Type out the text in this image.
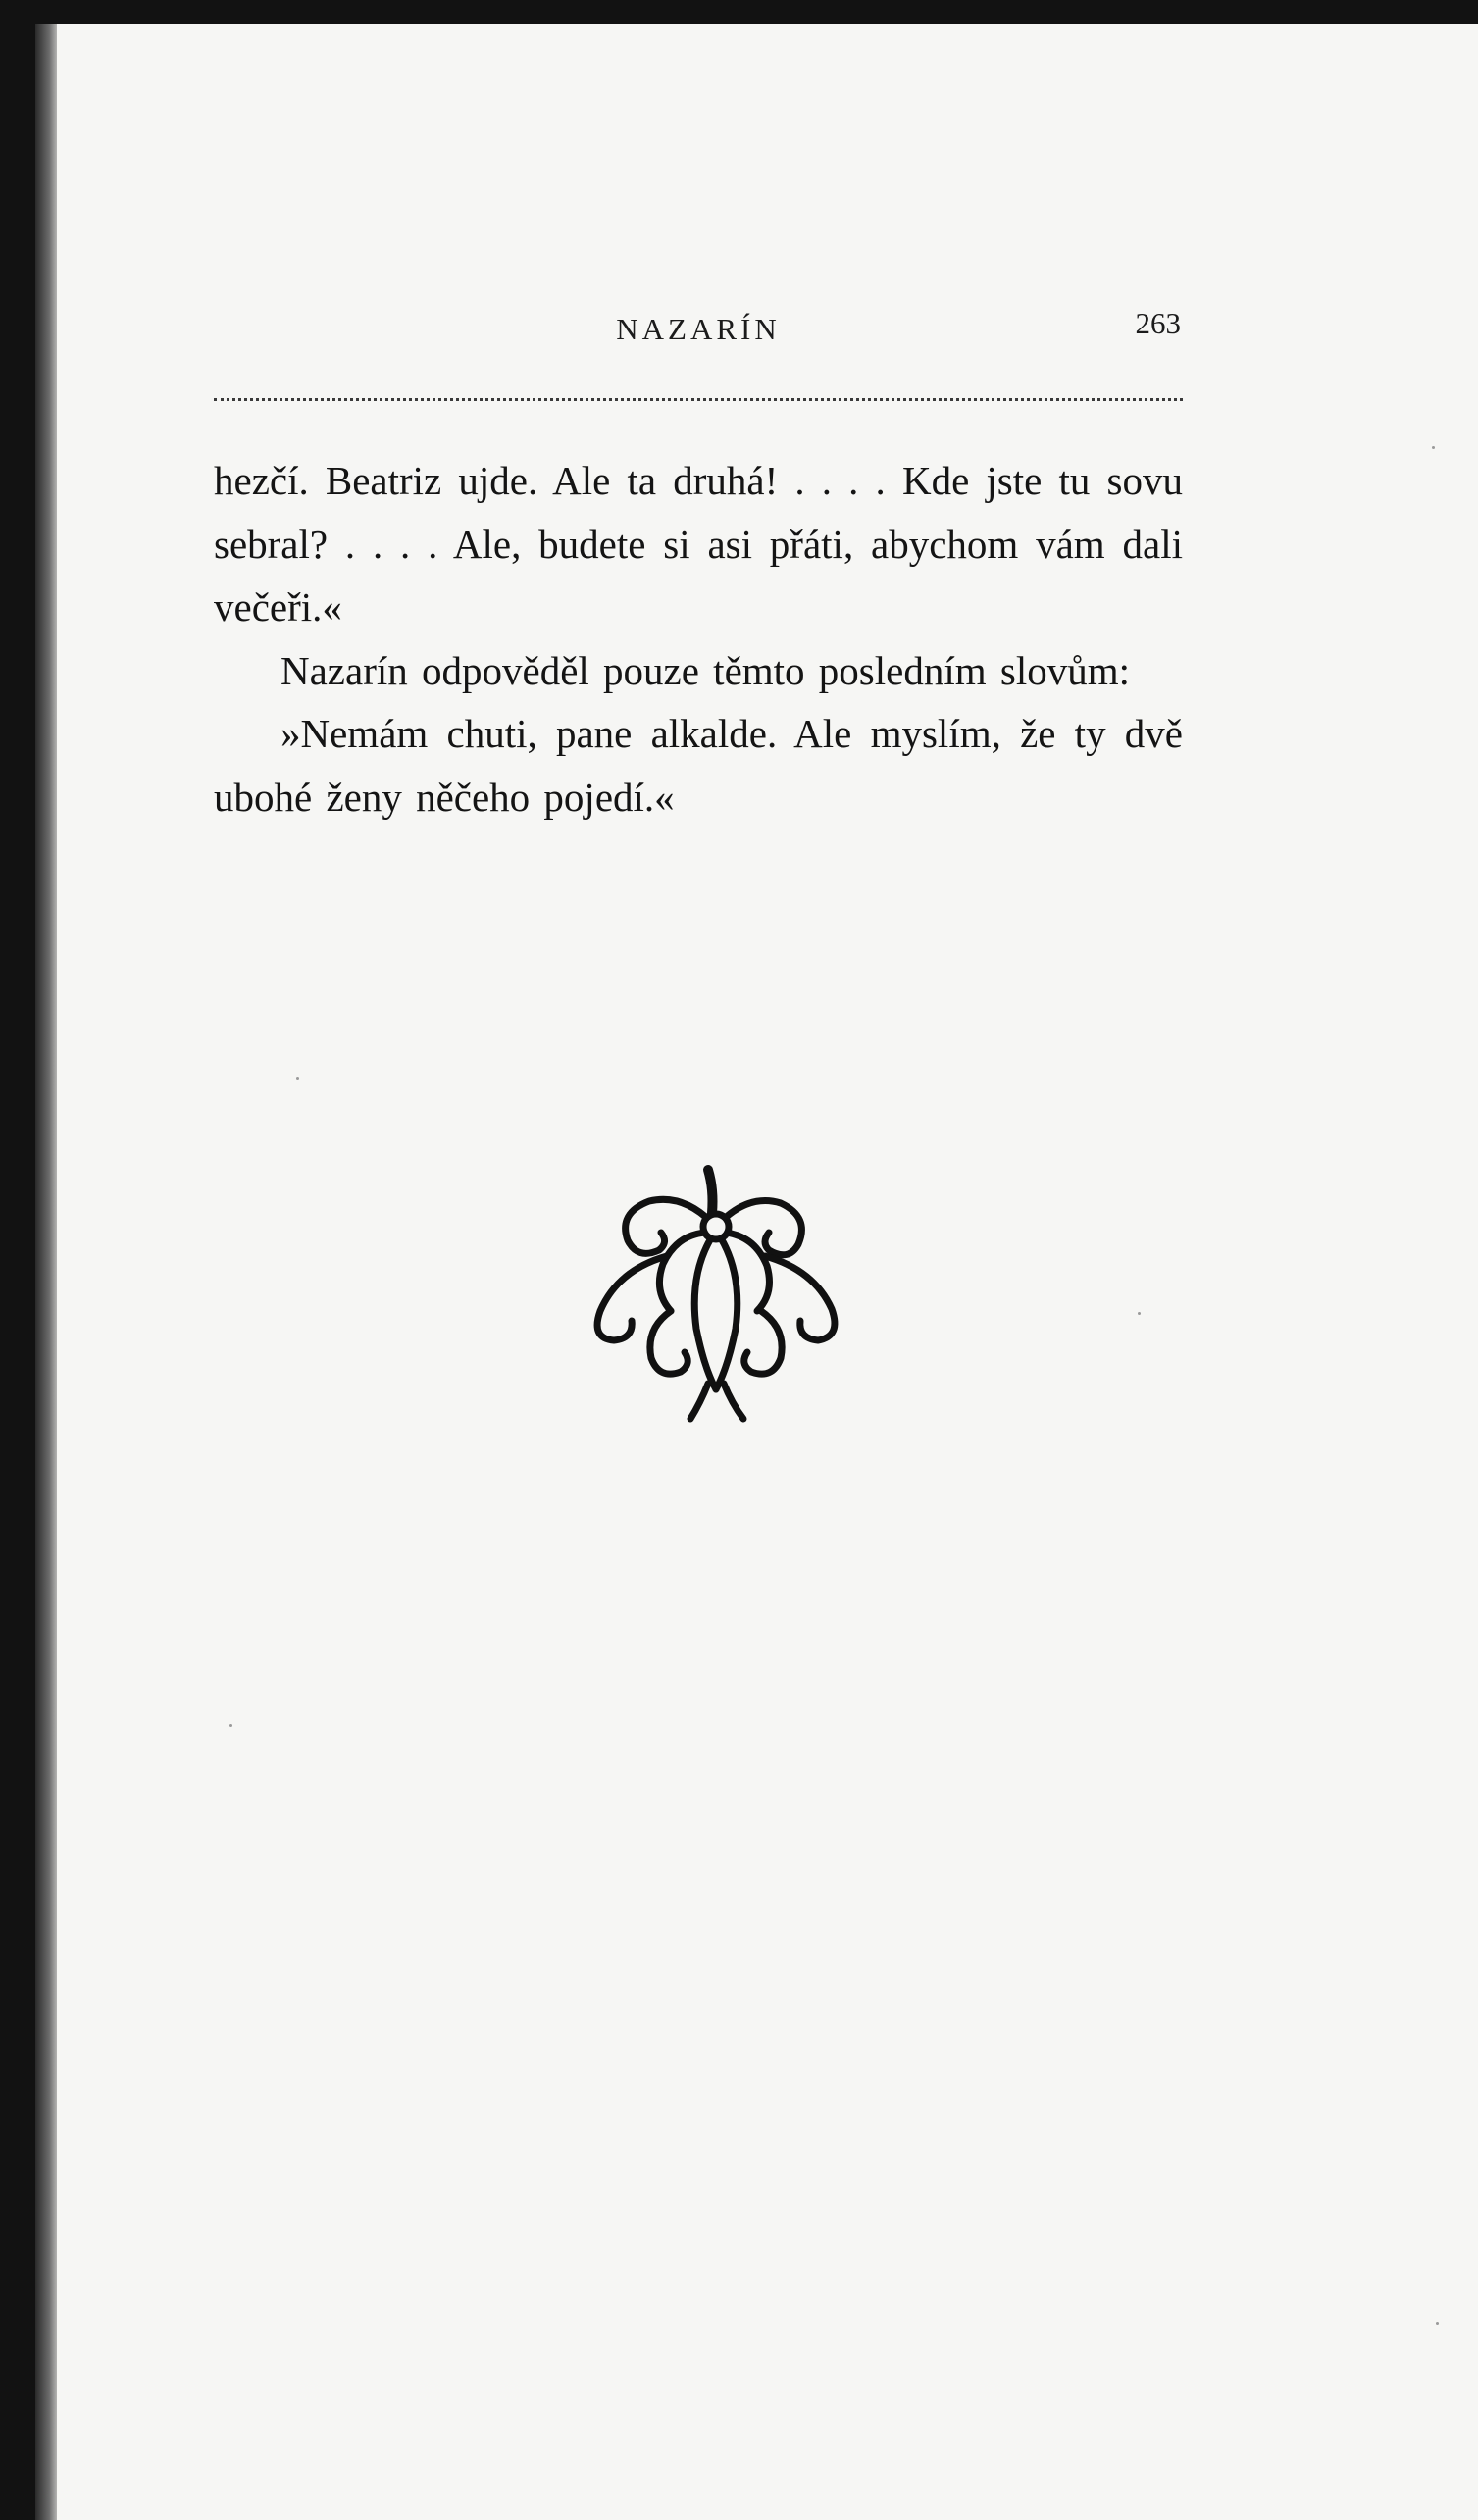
NAZARÍN	263

hezčí. Beatriz ujde. Ale ta druhá! . . . . Kde jste tu sovu sebral? . . . . Ale, budete si asi přáti, abychom vám dali večeři.«

Nazarín odpověděl pouze těmto posledním slovům:

»Nemám chuti, pane alkalde. Ale myslím, že ty dvě ubohé ženy něčeho pojedí.«
